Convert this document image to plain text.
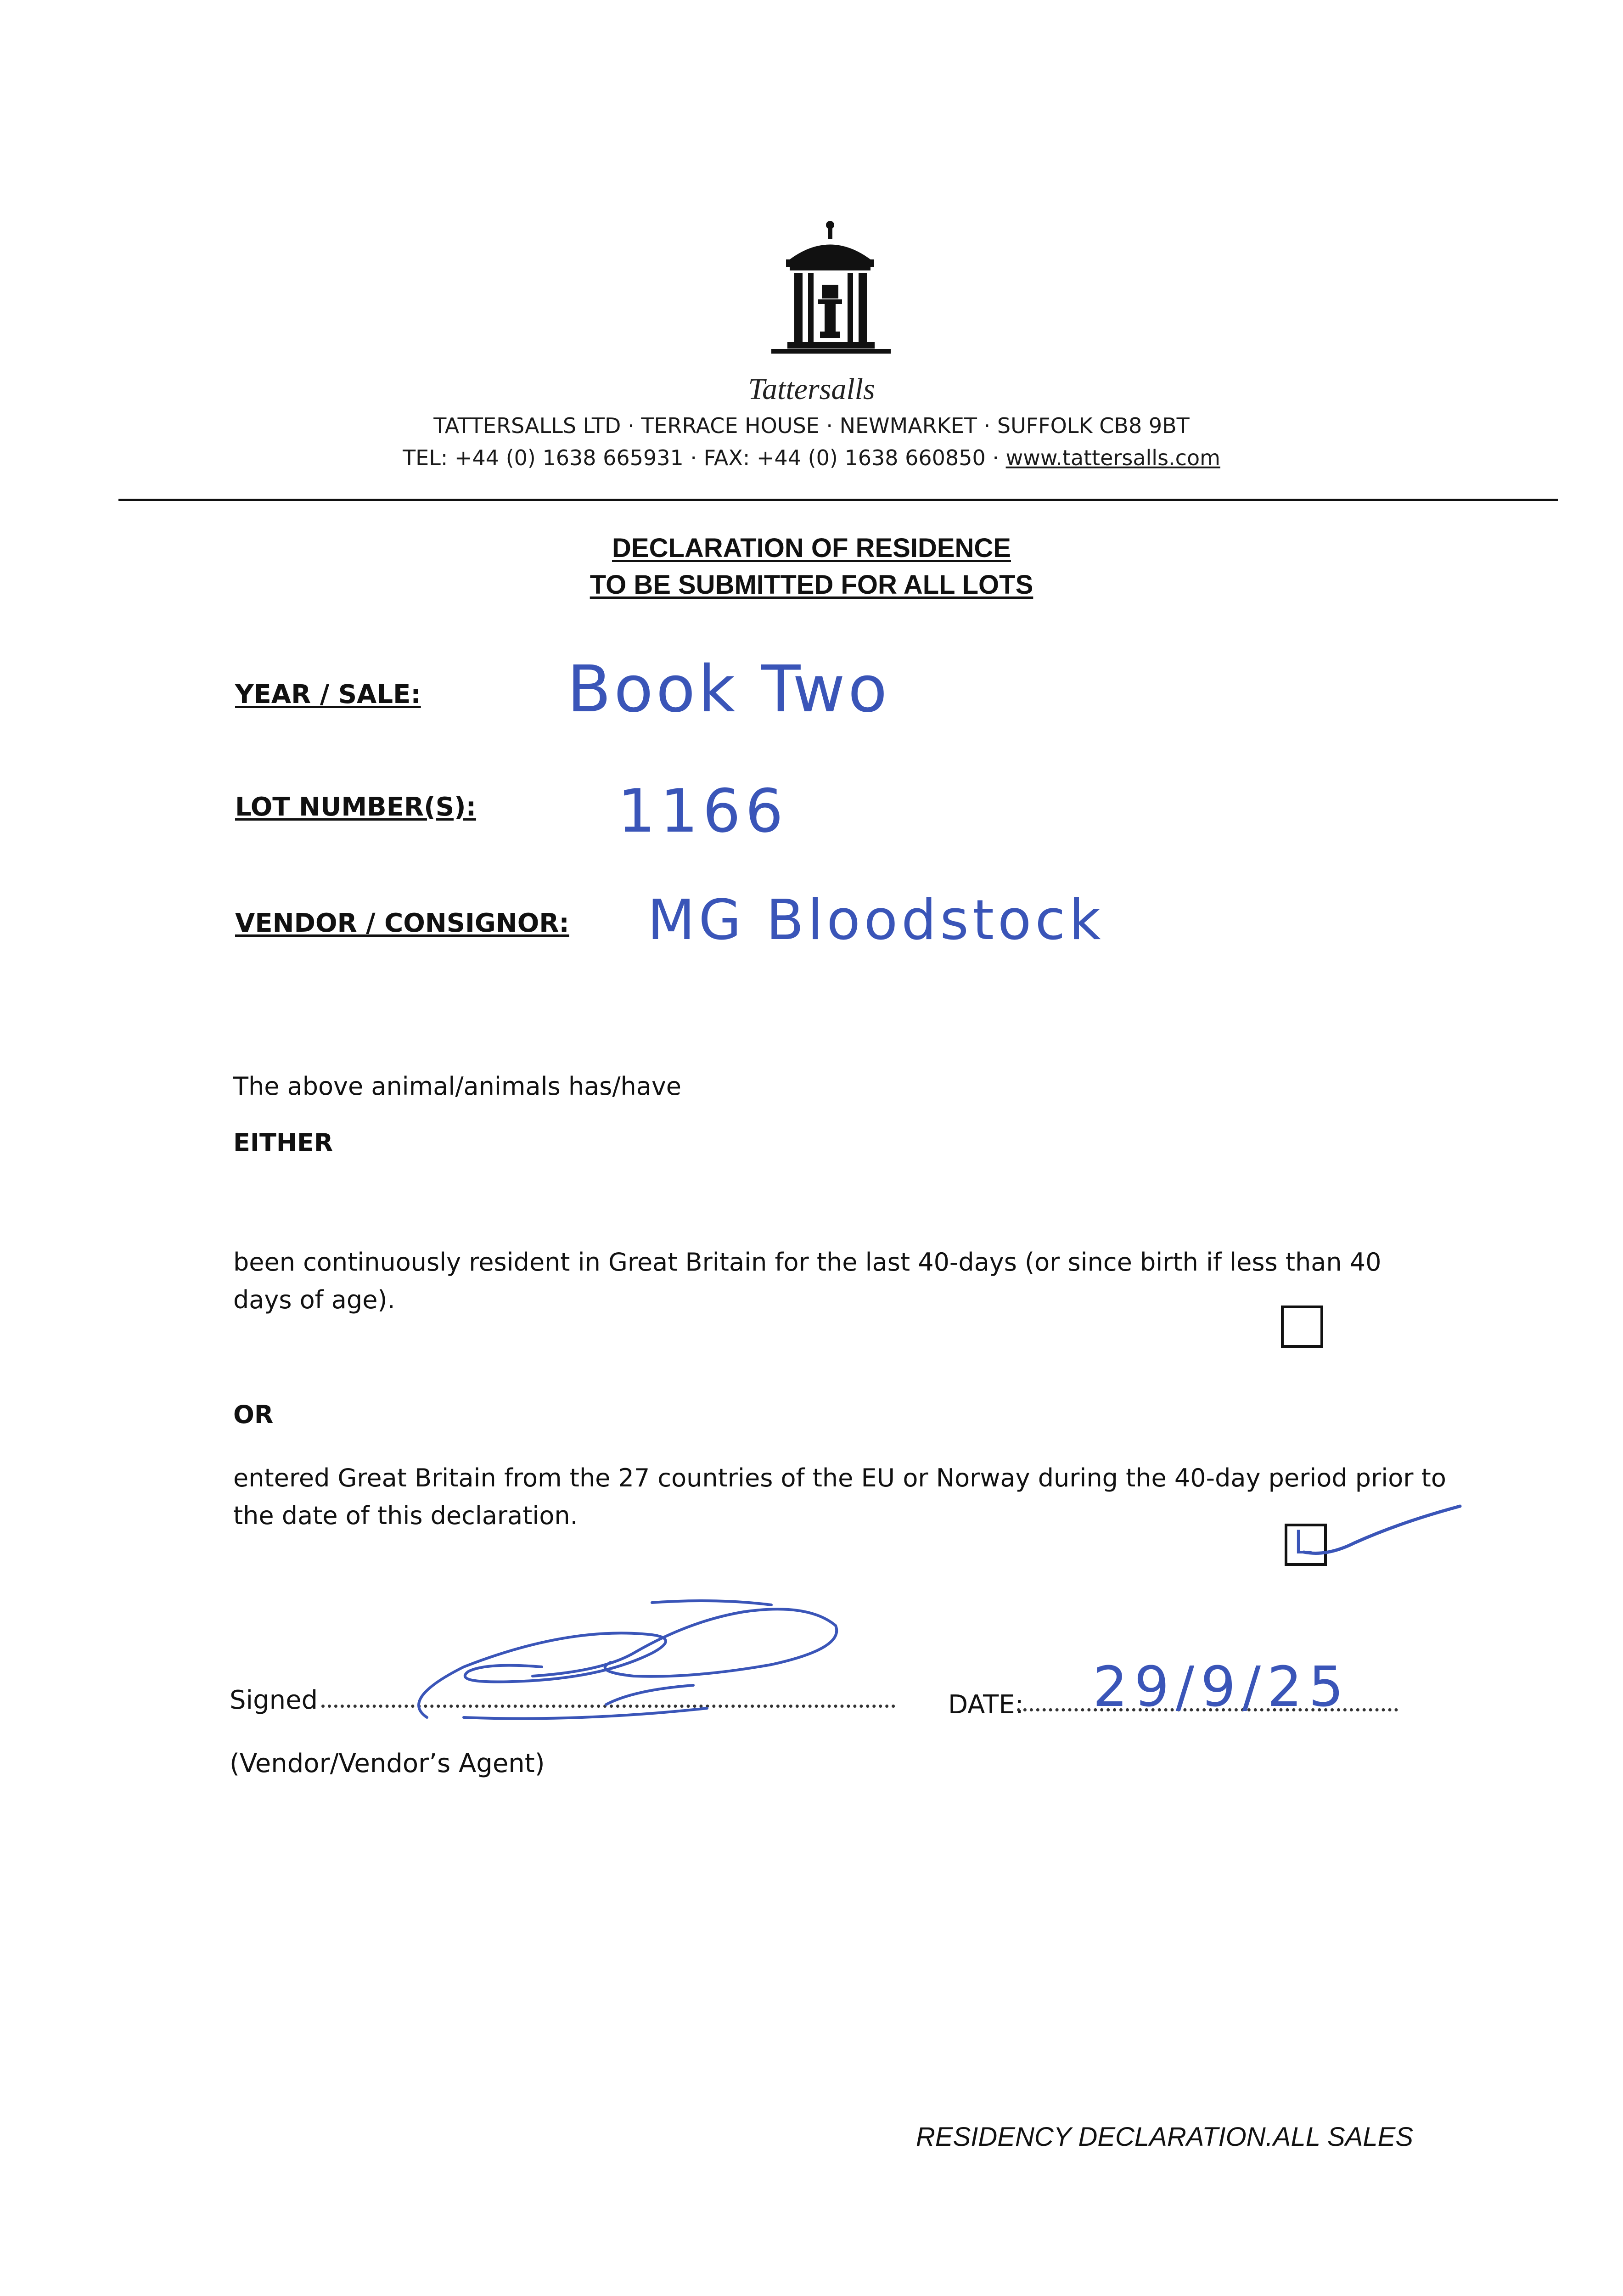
Tattersalls
TATTERSALLS LTD · TERRACE HOUSE · NEWMARKET · SUFFOLK CB8 9BT
TEL: +44 (0) 1638 665931 · FAX: +44 (0) 1638 660850 · www.tattersalls.com
DECLARATION OF RESIDENCE
TO BE SUBMITTED FOR ALL LOTS
YEAR / SALE: Book Two
LOT NUMBER(S): 1166
VENDOR / CONSIGNOR: MG Bloodstock
The above animal/animals has/have
EITHER
been continuously resident in Great Britain for the last 40-days (or since birth if less than 40 days of age).
OR
entered Great Britain from the 27 countries of the EU or Norway during the 40-day period prior to the date of this declaration.
L
Signed	DATE: 29/9/25
(Vendor/Vendor’s Agent)
RESIDENCY DECLARATION.ALL SALES
